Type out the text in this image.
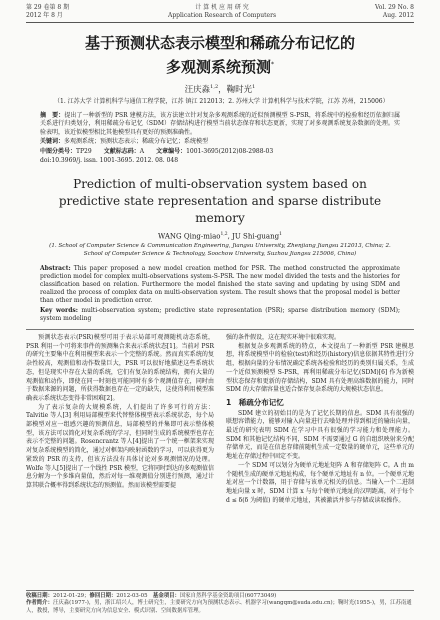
第 29 卷第 8 期
2012 年 8 月
计 算 机 应 用 研 究
Application Research of Computers
Vol. 29 No. 8
Aug. 2012
基于预测状态表示模型和稀疏分布记忆的
多观测系统预测*
汪庆淼$^{1,2}$，鞠时光$^1$
（1. 江苏大学 计算机科学与通信工程学院，江苏 镇江 212013；2. 苏州大学 计算机科学与技术学院，江苏 苏州，215006）
摘　要：提出了一种新型的 PSR 建模方法，该方法建立针对复杂多观测系统的近似预测模型 S-PSR，将系统中的检验和经历依据归属关系进行归类划分，利用稀疏分布记忆（SDM）存储结构进行模型当前状态保存和状态更新，实现了对多观测系统复杂数据的处理。实验表明，该近似模型相比其他模型具有更好的预测准确性。
关键词：多观测系统；预测状态表示；稀疏分布记忆；系统模型
中图分类号：TP29 文献标志码：A 文章编号：1001-3695(2012)08-2988-03
doi:10.3969/j. issn. 1001-3695. 2012. 08. 048
Prediction of multi-observation system based on predictive state representation and sparse distribute memory
WANG Qing-miao$^{1,2}$, JU Shi-guang$^1$
(1. School of Computer Science & Communication Engineering, Jiangsu University, Zhenjiang Jiangsu 212013, China; 2. School of Computer Science & Technology, Soochow University, Suzhou Jiangsu 215006, China)
Abstract: This paper proposed a new model creation method for PSR. The method constructed the approximate prediction model for complex multi-observations system-S-PSR. The new model divided the tests and the histories for classification based on relation. Furthermore the model finished the state saving and updating by using SDM and realized the process of complex data on multi-observation system. The result shows that the proposal model is better than other model in prediction error.
Key words: multi-observation system; predictive state representation (PSR); sparse distribution memory (SDM); system modeling

预测状态表示(PSR)模型可用于表示局部可观测随机动态系统，PSR 利用一个可将来事件的预测集合来表示系统状态[1]。当前对 PSR 的研究主要集中在利用模型来表示一个完整的系统。然而真实系统的复杂性较高，观测值和动作数量巨大，PSR 可以很好地描述这些系统状态，但是现实中存在大量的系统，它们有复杂的系统结构，拥有大量的观测值和动作，即使在同一时刻也可能同时有多个观测值存在，同时由于数据来源的问题，所获得数据也存在一定的缺失，这使得利用模型准确表示系统状态变得非常困难[2]。

为了表示复杂的大规模系统，人们提出了许多可行的方法：Talvitie 等人[3] 利用局部模型来代替整体模型表示系统状态，每个局部模型对应一组感兴趣的预测信息，局部模型的并集即可表示整体模型，该方法可以简化对复杂系统的学习，但同时生成的系统模型也存在表示不完整的问题。Rosencrantz 等人[4]提出了一个统一框架来实现对复杂系统模型的简化，通过对框架内映射函数的学习，可以获得更为紧致的 PSR 的支持，但该方法没有具体讨论对多观测情况的处理。Wolfe 等人[5]提出了一个线性 PSR 模型，它将同时到达的多观测值信息分解为一个多维向量值，然后对每一维观测值分别进行预测，通过计算其联合概率得到系统状态的预测值。然而该模型需要提

强的条件假设，这在现实环境中很难实现。

根据复杂多观测系统的特点，本文提出了一种新型 PSR 建模思想，将系统模型中的检验(test)和经历(history)信息依据其特性进行分组，根据向量的分布情况确定系统各检验和经历的类别归属关系，生成一个近似预测模型 S-PSR，再利用稀疏分布记忆(SDM)[6] 作为新模型状态保存和更新的存储结构，SDM 具有处理高维数据的能力，同时 SDM 的大存储容量也适合保存复杂系统的大规模状态信息。

1　稀疏分布记忆

SDM 建立的初始目的是为了记忆长期的信息。SDM 具有很强的联想容错能力，能够对输入向量进行去噪处理并得到相近的输出向量，最近的研究表明 SDM 在学习中具有很强的学习能力和处理能力。SDM 和其他记忆结构不同，SDM 不需要通过 G 的自组织映射来分配存储单元，而是在信息存储前随机生成一定数量的硬单元，这些单元的地址在存储过程中固定不变。

一个 SDM 可以划分为硬单元地址矩阵 A 和存储矩阵 C。A 由 m 个随机生成的硬单元地址构成，每个硬单元地址有 n 位。一个硬单元地址对应一个计数器，用于存储与该单元相关的信息。当输入一个二进制地址向量 x 时，SDM 计算 x 与每个硬单元地址的汉明距离，对于每个 d ≤ δ(δ 为阈值) 的硬单元地址，其被激活并参与存储或读取操作。

收稿日期：2012-01-29；修回日期：2012-03-05　 基金项目：国家自然科学基金资助项目(60773049)
作者简介：汪庆淼(1977-)，男，浙江绍兴人，博士研究生，主要研究方向为预测状态表示、机器学习(wangqm@suda.edu.cn)；鞠时光(1955-)，男，江苏南通人，教授，博导，主要研究方向为信息安全、模式识别、空间数据库管理。
